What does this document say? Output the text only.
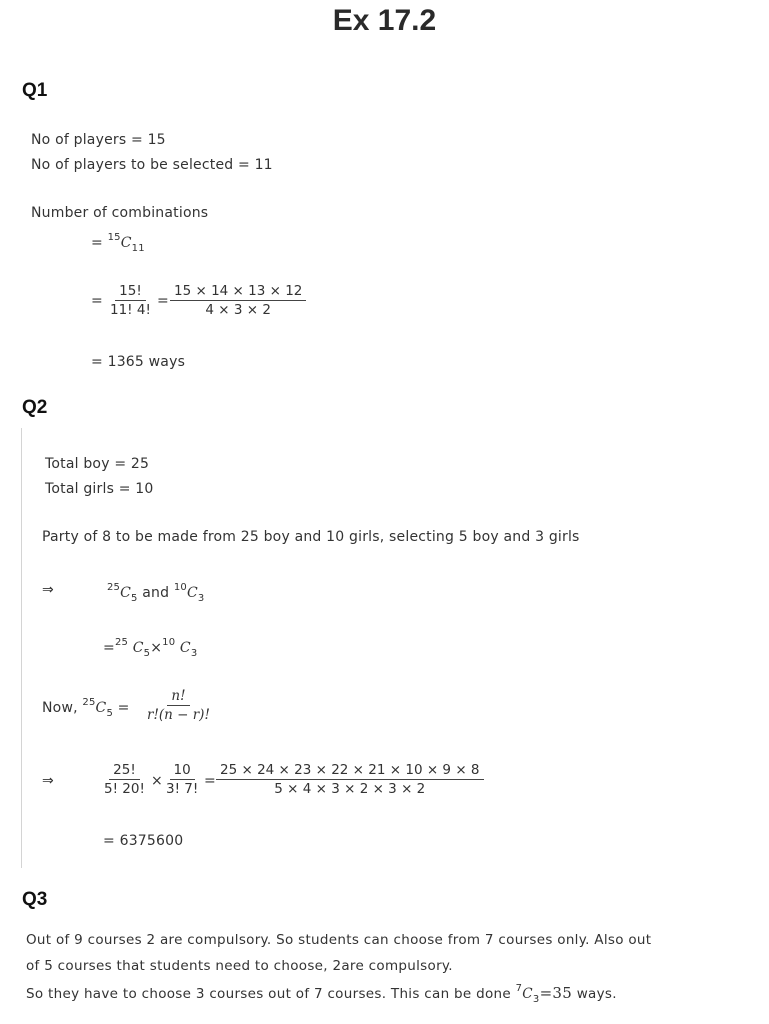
Ex 17.2
Q1
No of players = 15
No of players to be selected = 11
Number of combinations
= $^{15}C_{11}$
= $\frac{15!}{11! 4!} = \frac{15 \times 14 \times 13 \times 12}{4 \times 3 \times 2}$
= 1365 ways
Q2
Total boy = 25
Total girls = 10
Party of 8 to be made from 25 boy and 10 girls, selecting 5 boy and 3 girls
⇒	$^{25}C_5$ and $^{10}C_3$
=$^{25}$ $C_5\times^{10}$ $C_3$
Now, $^{25}C_5 = \frac{n!}{r!(n - r)!}$
⇒	$\frac{25!}{5! 20!} \times \frac{10}{3! 7!} = \frac{25 \times 24 \times 23 \times 22 \times 21 \times 10 \times 9 \times 8}{5 \times 4 \times 3 \times 2 \times 3 \times 2}$
= 6375600
Q3
Out of 9 courses 2 are compulsory. So students can choose from 7 courses only. Also out
of 5 courses that students need to choose, 2are compulsory.
So they have to choose 3 courses out of 7 courses. This can be done $^7C_3=35$ ways.
